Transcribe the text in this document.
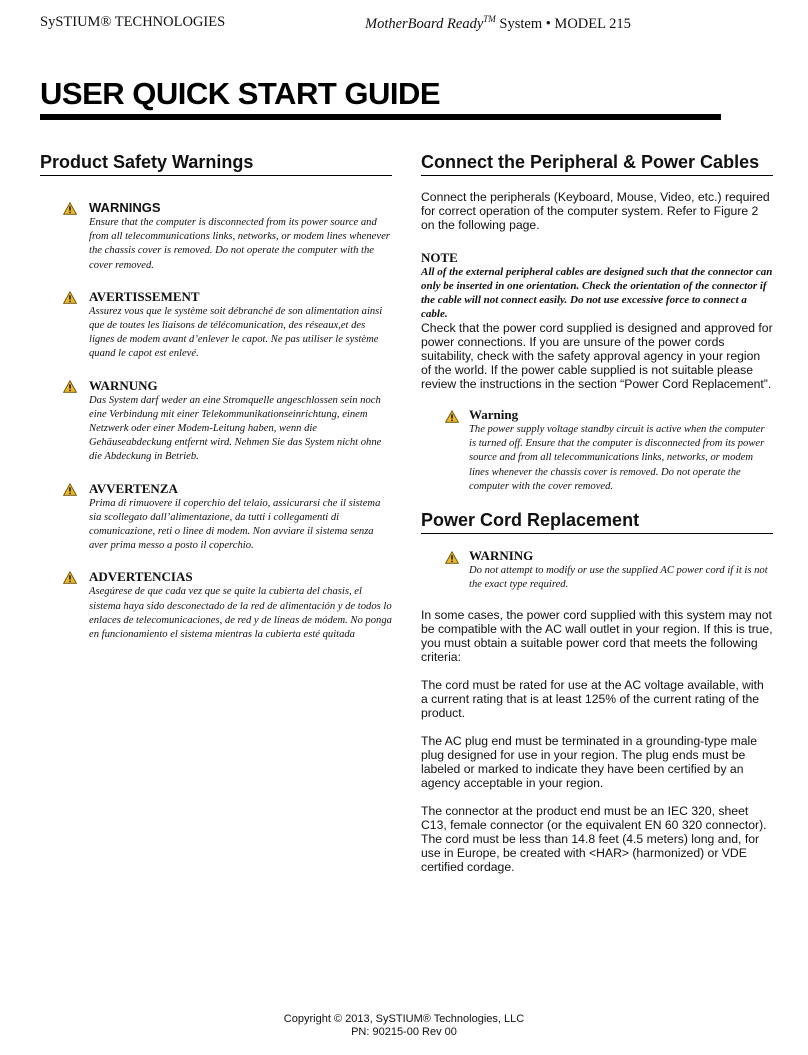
SySTIUM® TECHNOLOGIES	MotherBoard Ready™ System • MODEL 215
USER QUICK START GUIDE
Product Safety Warnings

WARNINGS

Ensure that the computer is disconnected from its power source and from all telecommunications links, networks, or modem lines whenever the chassis cover is removed. Do not operate the computer with the cover removed.

AVERTISSEMENT

Assurez vous que le système soit débranché de son alimentation ainsi que de toutes les liaisons de télécomunication, des réseaux,et des lignes de modem avant d’enlever le capot. Ne pas utiliser le système quand le capot est enlevé.

WARNUNG

Das System darf weder an eine Stromquelle angeschlossen sein noch eine Verbindung mit einer Telekommunikationseinrichtung, einem Netzwerk oder einer Modem-Leitung haben, wenn die Gehäuseabdeckung entfernt wird. Nehmen Sie das System nicht ohne die Abdeckung in Betrieb.

AVVERTENZA

Prima di rimuovere il coperchio del telaio, assicurarsi che il sistema sia scollegato dall’alimentazione, da tutti i collegamenti di comunicazione, reti o linee di modem. Non avviare il sistema senza aver prima messo a posto il coperchio.

ADVERTENCIAS

Asegúrese de que cada vez que se quite la cubierta del chasis, el sistema haya sido desconectado de la red de alimentación y de todos lo enlaces de telecomunicaciones, de red y de líneas de módem. No ponga en funcionamiento el sistema mientras la cubierta esté quitada

Connect the Peripheral & Power Cables

Connect the peripherals (Keyboard, Mouse, Video, etc.) required for correct operation of the computer system. Refer to Figure 2 on the following page.

NOTE

All of the external peripheral cables are designed such that the connector can only be inserted in one orientation. Check the orientation of the connector if the cable will not connect easily. Do not use excessive force to connect a cable.

Check that the power cord supplied is designed and approved for power connections. If you are unsure of the power cords suitability, check with the safety approval agency in your region of the world. If the power cable supplied is not suitable please review the instructions in the section “Power Cord Replacement”.

Warning

The power supply voltage standby circuit is active when the computer is turned off. Ensure that the computer is disconnected from its power source and from all telecommunications links, networks, or modem lines whenever the chassis cover is removed. Do not operate the computer with the cover removed.

Power Cord Replacement

WARNING

Do not attempt to modify or use the supplied AC power cord if it is not the exact type required.

In some cases, the power cord supplied with this system may not be compatible with the AC wall outlet in your region. If this is true, you must obtain a suitable power cord that meets the following criteria:

The cord must be rated for use at the AC voltage available, with a current rating that is at least 125% of the current rating of the product.

The AC plug end must be terminated in a grounding-type male plug designed for use in your region. The plug ends must be labeled or marked to indicate they have been certified by an agency acceptable in your region.

The connector at the product end must be an IEC 320, sheet C13, female connector (or the equivalent EN 60 320 connector). The cord must be less than 14.8 feet (4.5 meters) long and, for use in Europe, be created with <HAR> (harmonized) or VDE certified cordage.

Copyright © 2013, SySTIUM® Technologies, LLC
PN: 90215-00 Rev 00
